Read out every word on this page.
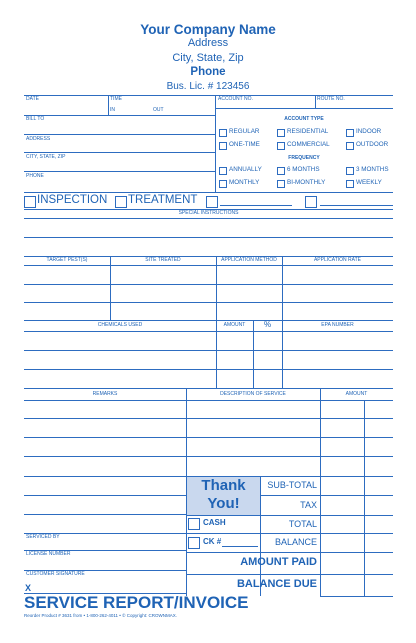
Your Company Name
Address
City, State, Zip
Phone
Bus. Lic. # 123456
DATE	TIME
IN	OUT
ACCOUNT NO.	ROUTE NO.
BILL TO
ADDRESS
CITY, STATE, ZIP
PHONE
ACCOUNT TYPE
REGULAR	RESIDENTIAL	INDOOR
ONE-TIME	COMMERCIAL	OUTDOOR
FREQUENCY
ANNUALLY	6 MONTHS	3 MONTHS
MONTHLY	BI-MONTHLY	WEEKLY
INSPECTION TREATMENT
SPECIAL INSTRUCTIONS
TARGET PEST(S)	SITE TREATED	APPLICATION METHOD	APPLICATION RATE
CHEMICALS USED	AMOUNT	%	EPA NUMBER
REMARKS	DESCRIPTION OF SERVICE	AMOUNT
Thank
You!
SUB-TOTAL
TAX
CASH	TOTAL
CK #	BALANCE
AMOUNT PAID
BALANCE DUE
SERVICED BY
LICENSE NUMBER
CUSTOMER SIGNATURE
X
SERVICE REPORT/INVOICE
Reorder Product # 3631 from • 1-800-262-4011 • © Copyright: CROWNMAX.
